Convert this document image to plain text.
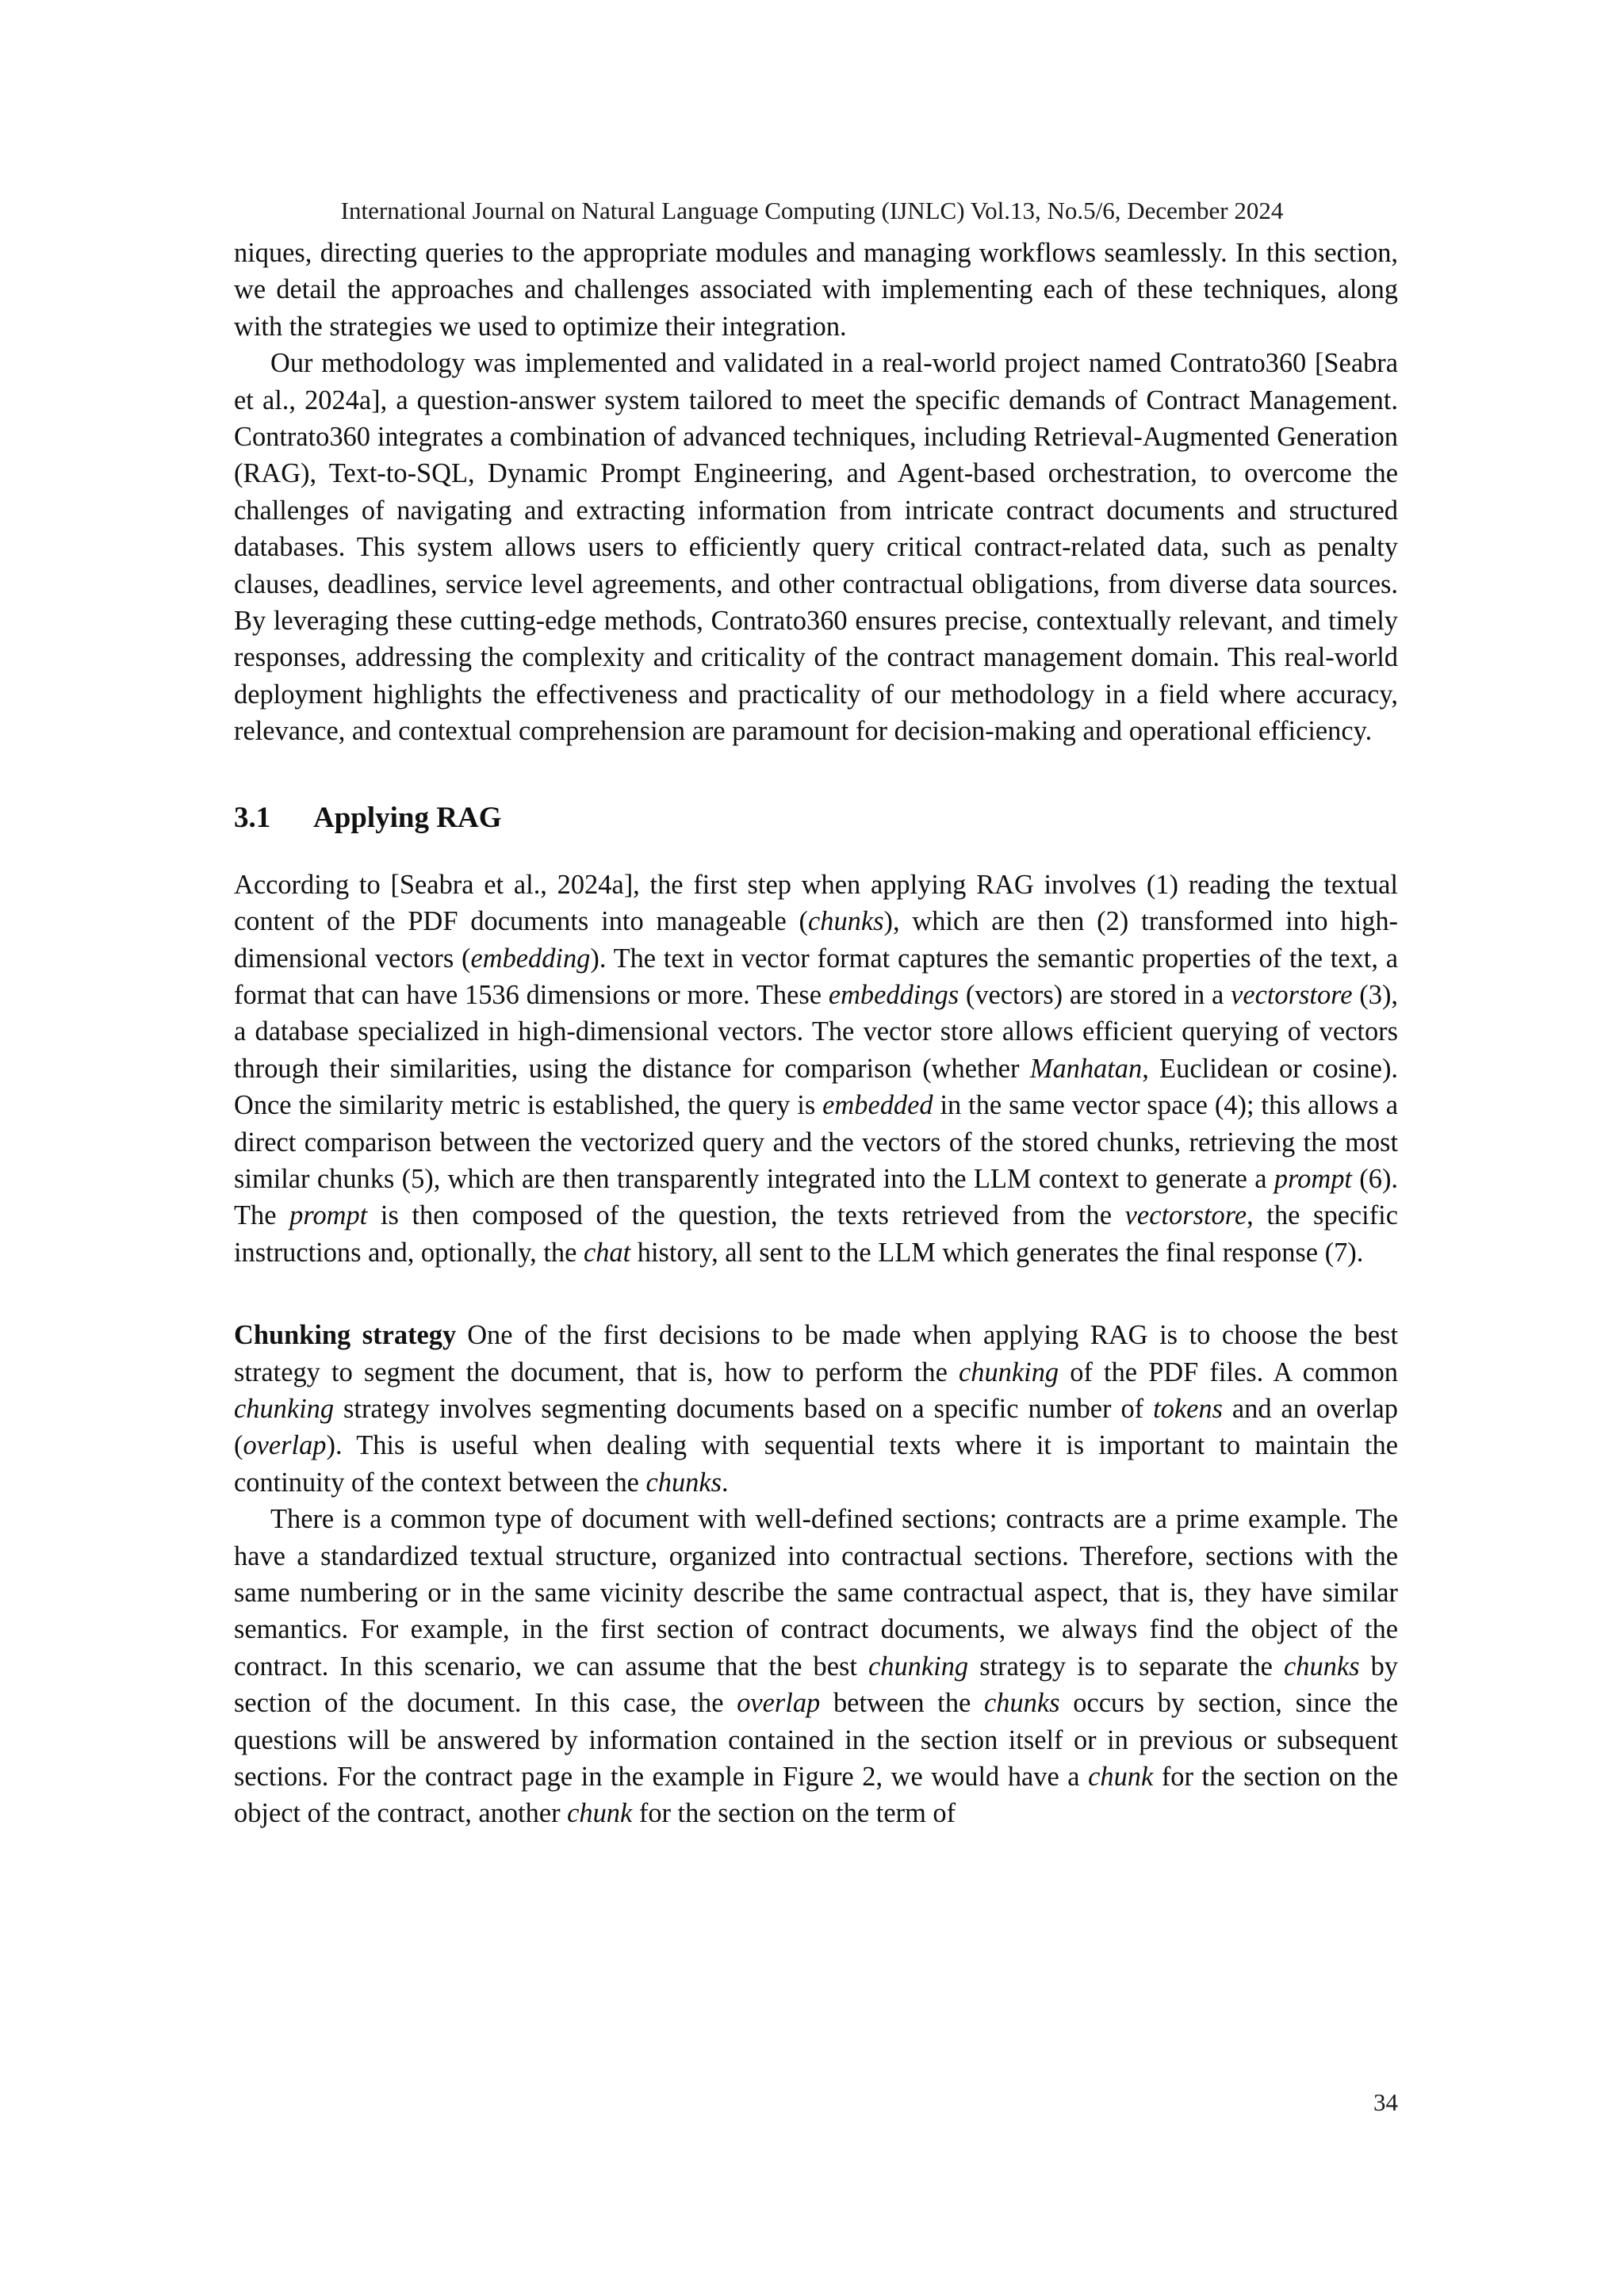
International Journal on Natural Language Computing (IJNLC) Vol.13, No.5/6, December 2024

niques, directing queries to the appropriate modules and managing workflows seamlessly. In this section, we detail the approaches and challenges associated with implementing each of these techniques, along with the strategies we used to optimize their integration.

Our methodology was implemented and validated in a real-world project named Contrato360 [Seabra et al., 2024a], a question-answer system tailored to meet the specific demands of Contract Management. Contrato360 integrates a combination of advanced techniques, including Retrieval-Augmented Generation (RAG), Text-to-SQL, Dynamic Prompt Engineering, and Agent-based orchestration, to overcome the challenges of navigating and extracting information from intricate contract documents and structured databases. This system allows users to efficiently query critical contract-related data, such as penalty clauses, deadlines, service level agreements, and other contractual obligations, from diverse data sources. By leveraging these cutting-edge methods, Contrato360 ensures precise, contextually relevant, and timely responses, addressing the complexity and criticality of the contract management domain. This real-world deployment highlights the effectiveness and practicality of our methodology in a field where accuracy, relevance, and contextual comprehension are paramount for decision-making and operational efficiency.

3.1 Applying RAG

According to [Seabra et al., 2024a], the first step when applying RAG involves (1) reading the textual content of the PDF documents into manageable (chunks), which are then (2) transformed into high-dimensional vectors (embedding). The text in vector format captures the semantic properties of the text, a format that can have 1536 dimensions or more. These embeddings (vectors) are stored in a vectorstore (3), a database specialized in high-dimensional vectors. The vector store allows efficient querying of vectors through their similarities, using the distance for comparison (whether Manhatan, Euclidean or cosine). Once the similarity metric is established, the query is embedded in the same vector space (4); this allows a direct comparison between the vectorized query and the vectors of the stored chunks, retrieving the most similar chunks (5), which are then transparently integrated into the LLM context to generate a prompt (6). The prompt is then composed of the question, the texts retrieved from the vectorstore, the specific instructions and, optionally, the chat history, all sent to the LLM which generates the final response (7).

Chunking strategy One of the first decisions to be made when applying RAG is to choose the best strategy to segment the document, that is, how to perform the chunking of the PDF files. A common chunking strategy involves segmenting documents based on a specific number of tokens and an overlap (overlap). This is useful when dealing with sequential texts where it is important to maintain the continuity of the context between the chunks.

There is a common type of document with well-defined sections; contracts are a prime example. The have a standardized textual structure, organized into contractual sections. Therefore, sections with the same numbering or in the same vicinity describe the same contractual aspect, that is, they have similar semantics. For example, in the first section of contract documents, we always find the object of the contract. In this scenario, we can assume that the best chunking strategy is to separate the chunks by section of the document. In this case, the overlap between the chunks occurs by section, since the questions will be answered by information contained in the section itself or in previous or subsequent sections. For the contract page in the example in Figure 2, we would have a chunk for the section on the object of the contract, another chunk for the section on the term of

34
